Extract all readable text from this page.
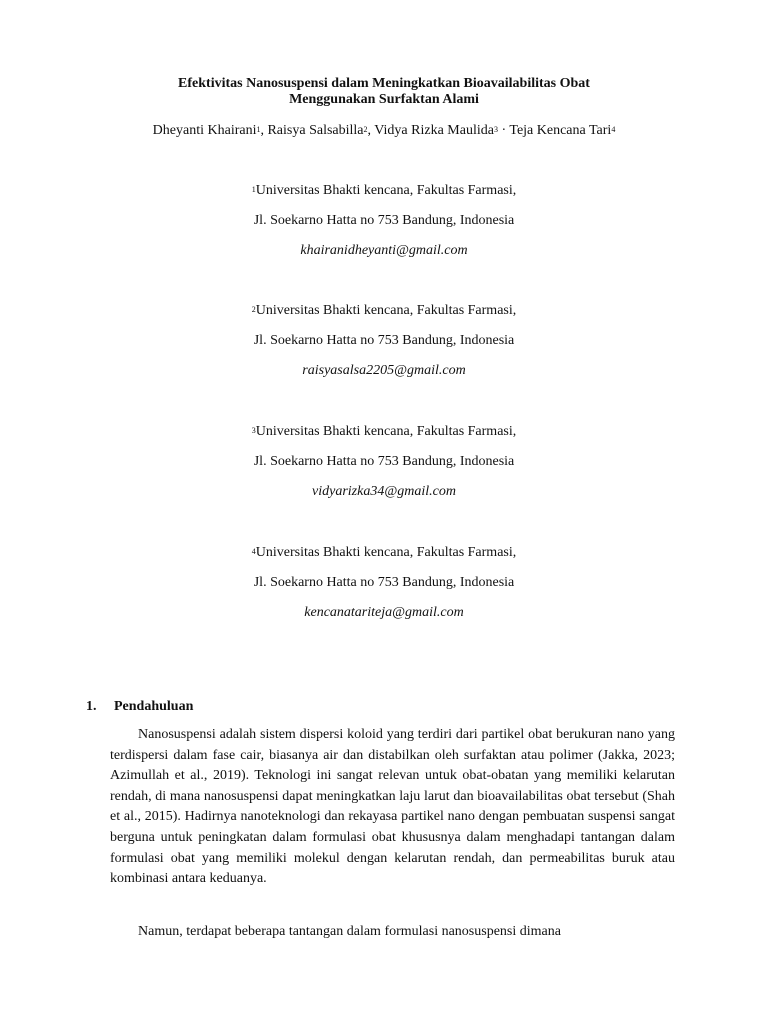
Efektivitas Nanosuspensi dalam Meningkatkan Bioavailabilitas Obat
Menggunakan Surfaktan Alami
Dheyanti Khairani$^1$, Raisya Salsabilla$^2$, Vidya Rizka Maulida$^3$ · Teja Kencana Tari$^4$
$^1$Universitas Bhakti kencana, Fakultas Farmasi,
Jl. Soekarno Hatta no 753 Bandung, Indonesia
khairanidheyanti@gmail.com
$^2$Universitas Bhakti kencana, Fakultas Farmasi,
Jl. Soekarno Hatta no 753 Bandung, Indonesia
raisyasalsa2205@gmail.com
$^3$Universitas Bhakti kencana, Fakultas Farmasi,
Jl. Soekarno Hatta no 753 Bandung, Indonesia
vidyarizka34@gmail.com
$^4$Universitas Bhakti kencana, Fakultas Farmasi,
Jl. Soekarno Hatta no 753 Bandung, Indonesia
kencanatariteja@gmail.com
1. Pendahuluan

Nanosuspensi adalah sistem dispersi koloid yang terdiri dari partikel obat berukuran nano yang terdispersi dalam fase cair, biasanya air dan distabilkan oleh surfaktan atau polimer (Jakka, 2023; Azimullah et al., 2019). Teknologi ini sangat relevan untuk obat-obatan yang memiliki kelarutan rendah, di mana nanosuspensi dapat meningkatkan laju larut dan bioavailabilitas obat tersebut (Shah et al., 2015). Hadirnya nanoteknologi dan rekayasa partikel nano dengan pembuatan suspensi sangat berguna untuk peningkatan dalam formulasi obat khususnya dalam menghadapi tantangan dalam formulasi obat yang memiliki molekul dengan kelarutan rendah, dan permeabilitas buruk atau kombinasi antara keduanya.

Namun, terdapat beberapa tantangan dalam formulasi nanosuspensi dimana
